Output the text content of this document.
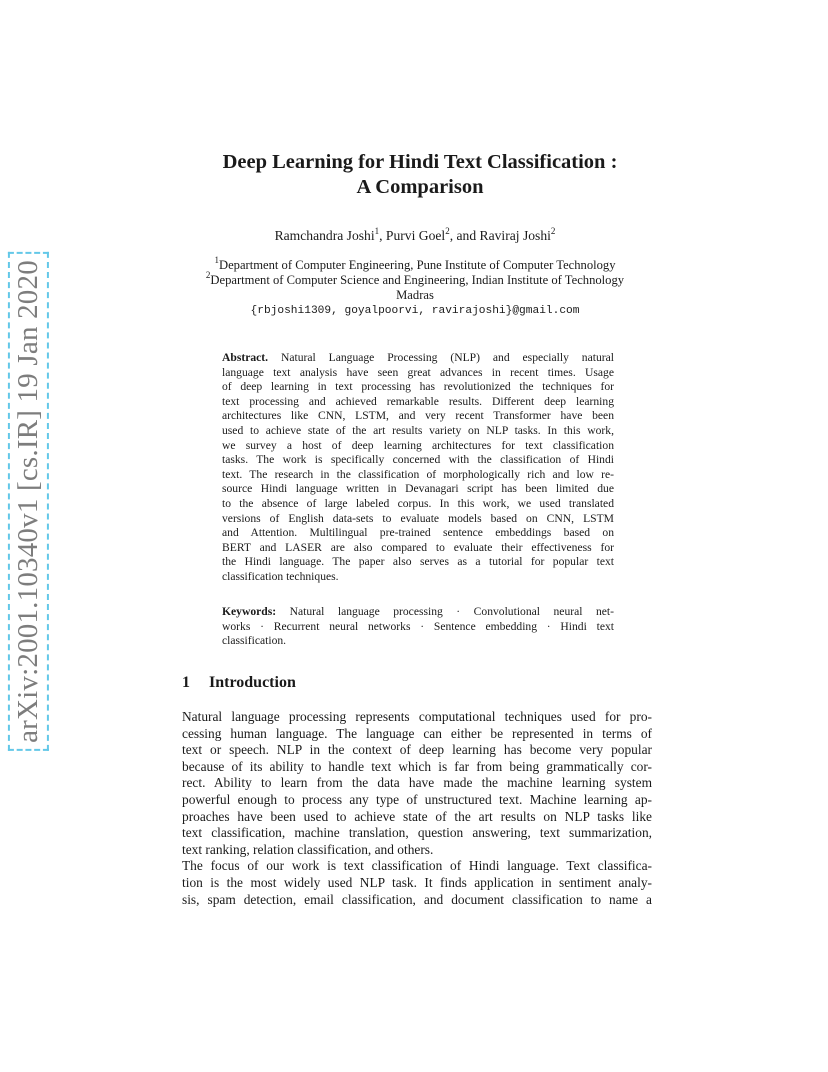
arXiv:2001.10340v1 [cs.IR] 19 Jan 2020
Deep Learning for Hindi Text Classification :
A Comparison
Ramchandra Joshi$^1$, Purvi Goel$^2$, and Raviraj Joshi$^2$
$^1$Department of Computer Engineering, Pune Institute of Computer Technology
$^2$Department of Computer Science and Engineering, Indian Institute of Technology
Madras
{rbjoshi1309, goyalpoorvi, ravirajoshi}@gmail.com
Abstract. Natural Language Processing (NLP) and especially natural
language text analysis have seen great advances in recent times. Usage
of deep learning in text processing has revolutionized the techniques for
text processing and achieved remarkable results. Different deep learning
architectures like CNN, LSTM, and very recent Transformer have been
used to achieve state of the art results variety on NLP tasks. In this work,
we survey a host of deep learning architectures for text classification
tasks. The work is specifically concerned with the classification of Hindi
text. The research in the classification of morphologically rich and low re-
source Hindi language written in Devanagari script has been limited due
to the absence of large labeled corpus. In this work, we used translated
versions of English data-sets to evaluate models based on CNN, LSTM
and Attention. Multilingual pre-trained sentence embeddings based on
BERT and LASER are also compared to evaluate their effectiveness for
the Hindi language. The paper also serves as a tutorial for popular text
classification techniques.
Keywords: Natural language processing · Convolutional neural net-
works · Recurrent neural networks · Sentence embedding · Hindi text
classification.
1 Introduction
Natural language processing represents computational techniques used for pro-
cessing human language. The language can either be represented in terms of
text or speech. NLP in the context of deep learning has become very popular
because of its ability to handle text which is far from being grammatically cor-
rect. Ability to learn from the data have made the machine learning system
powerful enough to process any type of unstructured text. Machine learning ap-
proaches have been used to achieve state of the art results on NLP tasks like
text classification, machine translation, question answering, text summarization,
text ranking, relation classification, and others.
The focus of our work is text classification of Hindi language. Text classifica-
tion is the most widely used NLP task. It finds application in sentiment analy-
sis, spam detection, email classification, and document classification to name a
